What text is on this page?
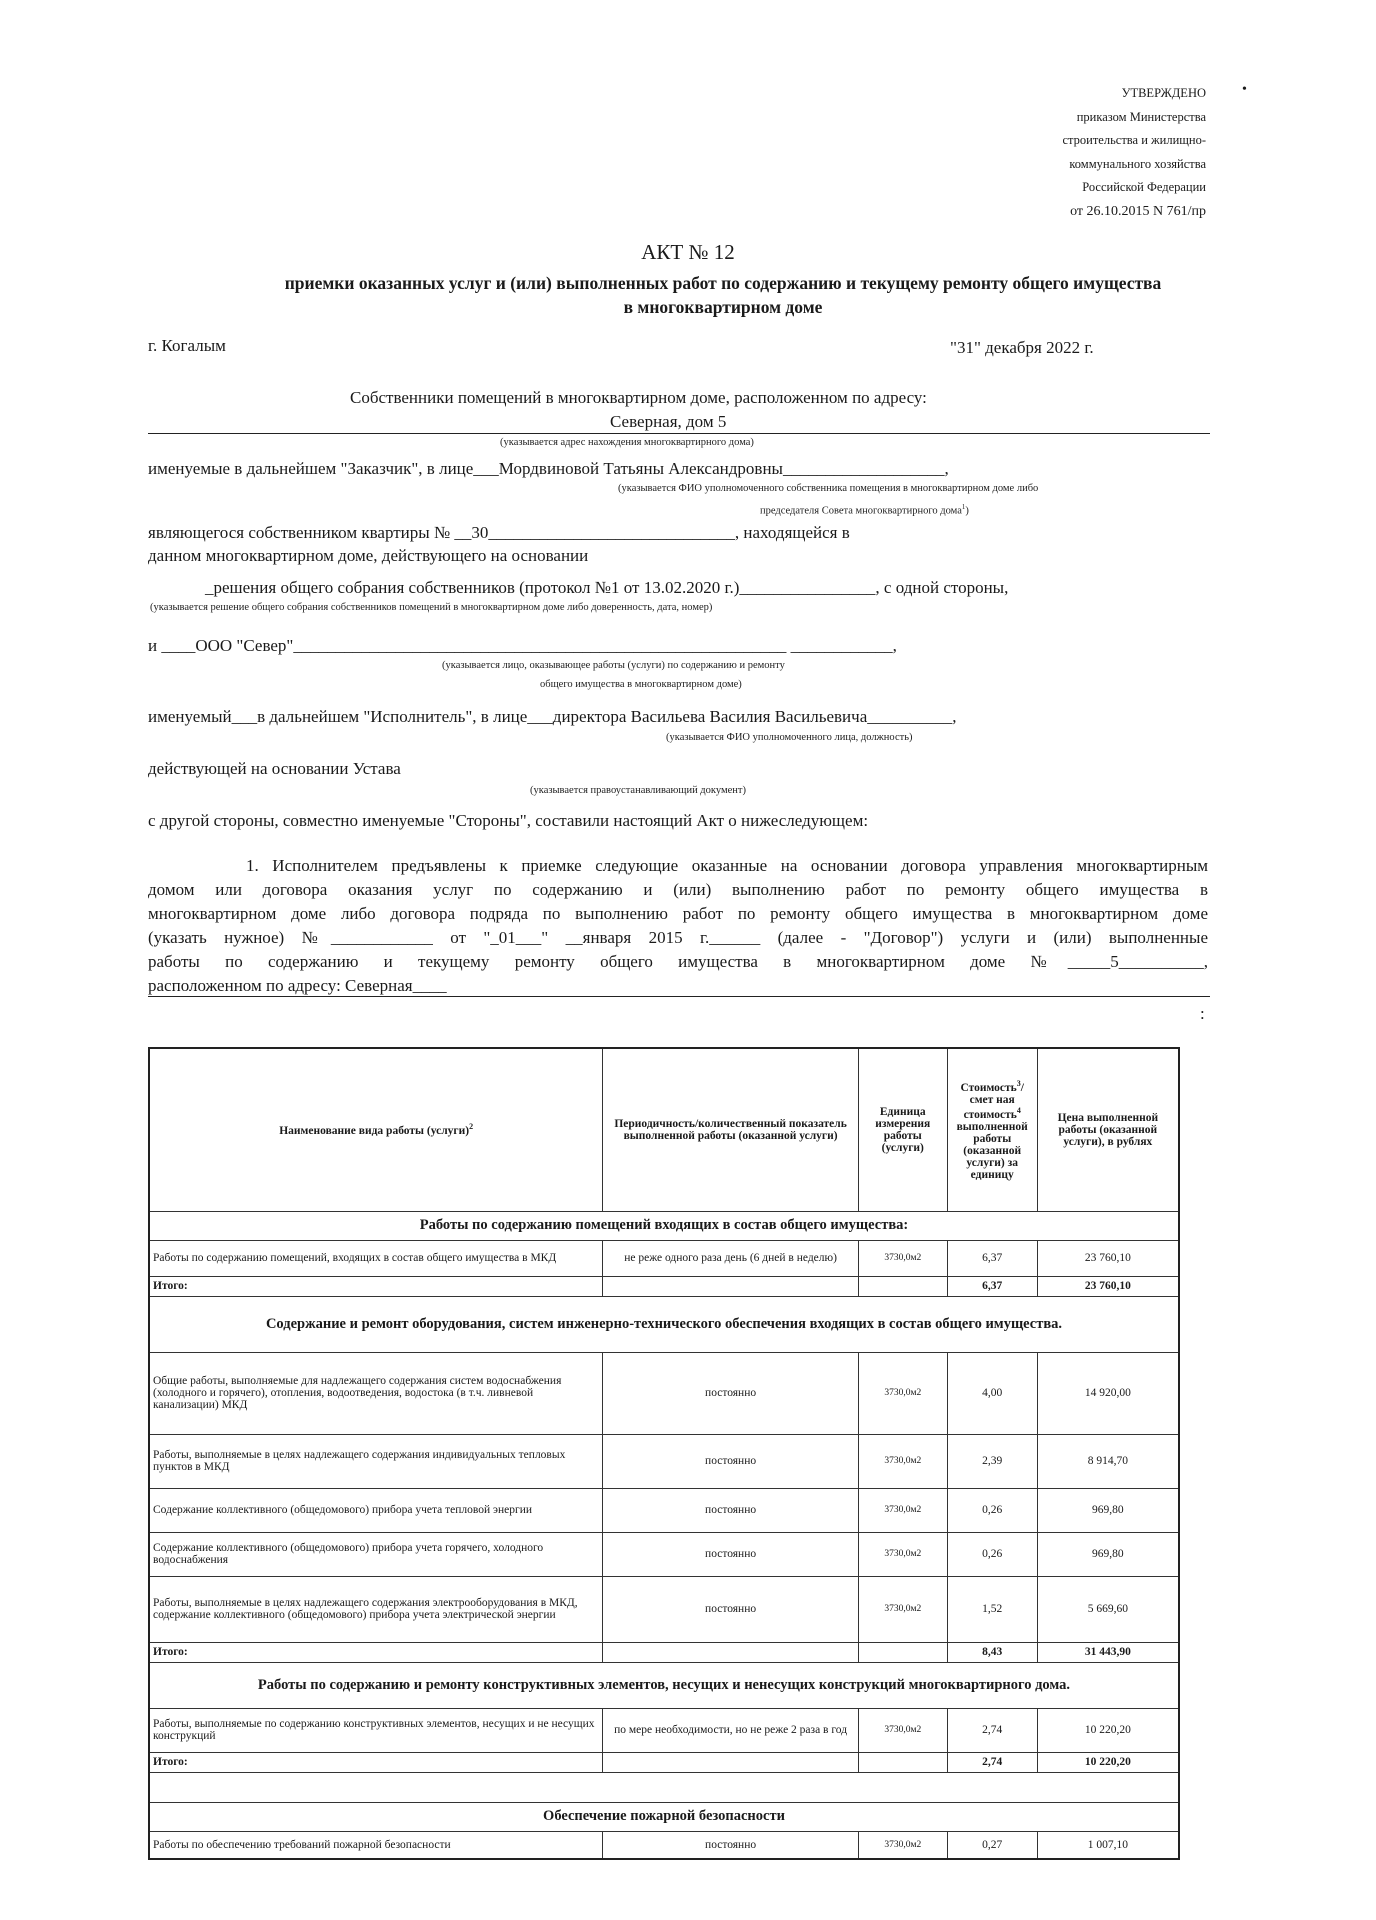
УТВЕРЖДЕНО
приказом Министерства
строительства и жилищно-
коммунального хозяйства
Российской Федерации
от 26.10.2015 N 761/пр
•
АКТ № 12
приемки оказанных услуг и (или) выполненных работ по содержанию и текущему ремонту общего имущества
в многоквартирном доме
г. Когалым	"31" декабря 2022 г.
Собственники помещений в многоквартирном доме, расположенном по адресу:
Северная, дом 5
(указывается адрес нахождения многоквартирного дома)
именуемые в дальнейшем "Заказчик", в лице___Мордвиновой Татьяны Александровны___________________,
(указывается ФИО уполномоченного собственника помещения в многоквартирном доме либо
председателя Совета многоквартирного дома$^1$)
являющегося собственником квартиры № __30_____________________________, находящейся в
данном многоквартирном доме, действующего на основании
_решения общего собрания собственников (протокол №1 от 13.02.2020 г.)________________, с одной стороны,
(указывается решение общего собрания собственников помещений в многоквартирном доме либо доверенность, дата, номер)
и ____ООО "Север"__________________________________________________________ ____________,
(указывается лицо, оказывающее работы (услуги) по содержанию и ремонту
общего имущества в многоквартирном доме)
именуемый___в дальнейшем "Исполнитель", в лице___директора Васильева Василия Васильевича__________,
(указывается ФИО уполномоченного лица, должность)
действующей на основании Устава
(указывается правоустанавливающий документ)
с другой стороны, совместно именуемые "Стороны", составили настоящий Акт о нижеследующем:
1. Исполнителем предъявлены к приемке следующие оказанные на основании договора управления многоквартирным
домом или договора оказания услуг по содержанию и (или) выполнению работ по ремонту общего имущества в
многоквартирном доме либо договора подряда по выполнению работ по ремонту общего имущества в многоквартирном доме
(указать нужное) №____________ от "_01___" __января 2015 г.______ (далее - "Договор") услуги и (или) выполненные
работы по содержанию и текущему ремонту общего имущества в многоквартирном доме №_____5__________,
расположенном по адресу: Северная____
:
Наименование вида работы (услуги)$^2$	Периодичность/количественный показатель выполненной работы (оказанной услуги)	Единица измерения работы (услуги)	Стоимость$^3$/смет ная стоимость$^4$ выполненной работы (оказанной услуги) за единицу	Цена выполненной работы (оказанной услуги), в рублях
Работы по содержанию помещений входящих в состав общего имущества:				
Работы по содержанию помещений, входящих в состав общего имущества в МКД	не реже одного раза день (6 дней в неделю)	3730,0м2	6,37	23 760,10
Итого:			6,37	23 760,10
Содержание и ремонт оборудования, систем инженерно-технического обеспечения входящих в состав общего имущества.				
Общие работы, выполняемые для надлежащего содержания систем водоснабжения (холодного и горячего), отопления, водоотведения, водостока (в т.ч. ливневой канализации) МКД	постоянно	3730,0м2	4,00	14 920,00
Работы, выполняемые в целях надлежащего содержания индивидуальных тепловых пунктов в МКД	постоянно	3730,0м2	2,39	8 914,70
Содержание коллективного (общедомового) прибора учета тепловой энергии	постоянно	3730,0м2	0,26	969,80
Содержание коллективного (общедомового) прибора учета горячего, холодного водоснабжения	постоянно	3730,0м2	0,26	969,80
Работы, выполняемые в целях надлежащего содержания электрооборудования в МКД, содержание коллективного (общедомового) прибора учета электрической энергии	постоянно	3730,0м2	1,52	5 669,60
Итого:			8,43	31 443,90
Работы по содержанию и ремонту конструктивных элементов, несущих и ненесущих конструкций многоквартирного дома.				
Работы, выполняемые по содержанию конструктивных элементов, несущих и не несущих конструкций	по мере необходимости, но не реже 2 раза в год	3730,0м2	2,74	10 220,20
Итого:			2,74	10 220,20

Обеспечение пожарной безопасности				
Работы по обеспечению требований пожарной безопасности	постоянно	3730,0м2	0,27	1 007,10
